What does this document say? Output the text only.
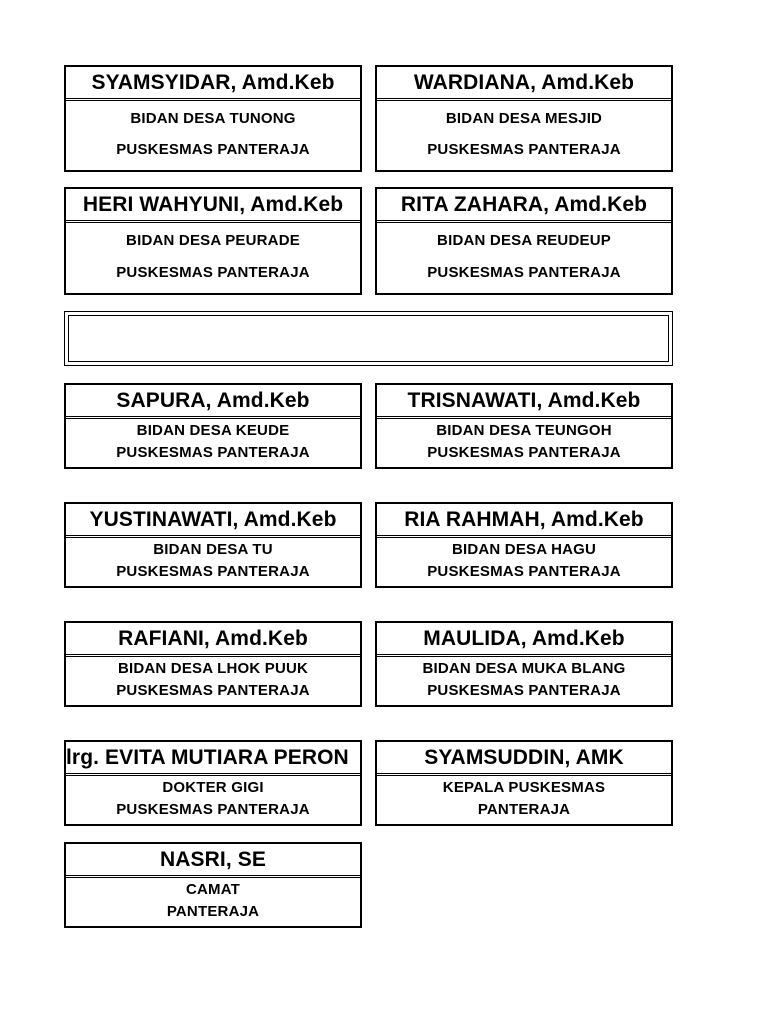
SYAMSYIDAR, Amd.Keb
BIDAN DESA TUNONG
PUSKESMAS PANTERAJA
WARDIANA, Amd.Keb
BIDAN DESA MESJID
PUSKESMAS PANTERAJA
HERI WAHYUNI, Amd.Keb
BIDAN DESA PEURADE
PUSKESMAS PANTERAJA
RITA ZAHARA, Amd.Keb
BIDAN DESA REUDEUP
PUSKESMAS PANTERAJA
SAPURA, Amd.Keb
BIDAN DESA KEUDE
PUSKESMAS PANTERAJA
TRISNAWATI, Amd.Keb
BIDAN DESA TEUNGOH
PUSKESMAS PANTERAJA
YUSTINAWATI, Amd.Keb
BIDAN DESA TU
PUSKESMAS PANTERAJA
RIA RAHMAH, Amd.Keb
BIDAN DESA HAGU
PUSKESMAS PANTERAJA
RAFIANI, Amd.Keb
BIDAN DESA LHOK PUUK
PUSKESMAS PANTERAJA
MAULIDA, Amd.Keb
BIDAN DESA MUKA BLANG
PUSKESMAS PANTERAJA
lrg. EVITA MUTIARA PERON
DOKTER GIGI
PUSKESMAS PANTERAJA
SYAMSUDDIN, AMK
KEPALA PUSKESMAS
PANTERAJA
NASRI, SE
CAMAT
PANTERAJA
